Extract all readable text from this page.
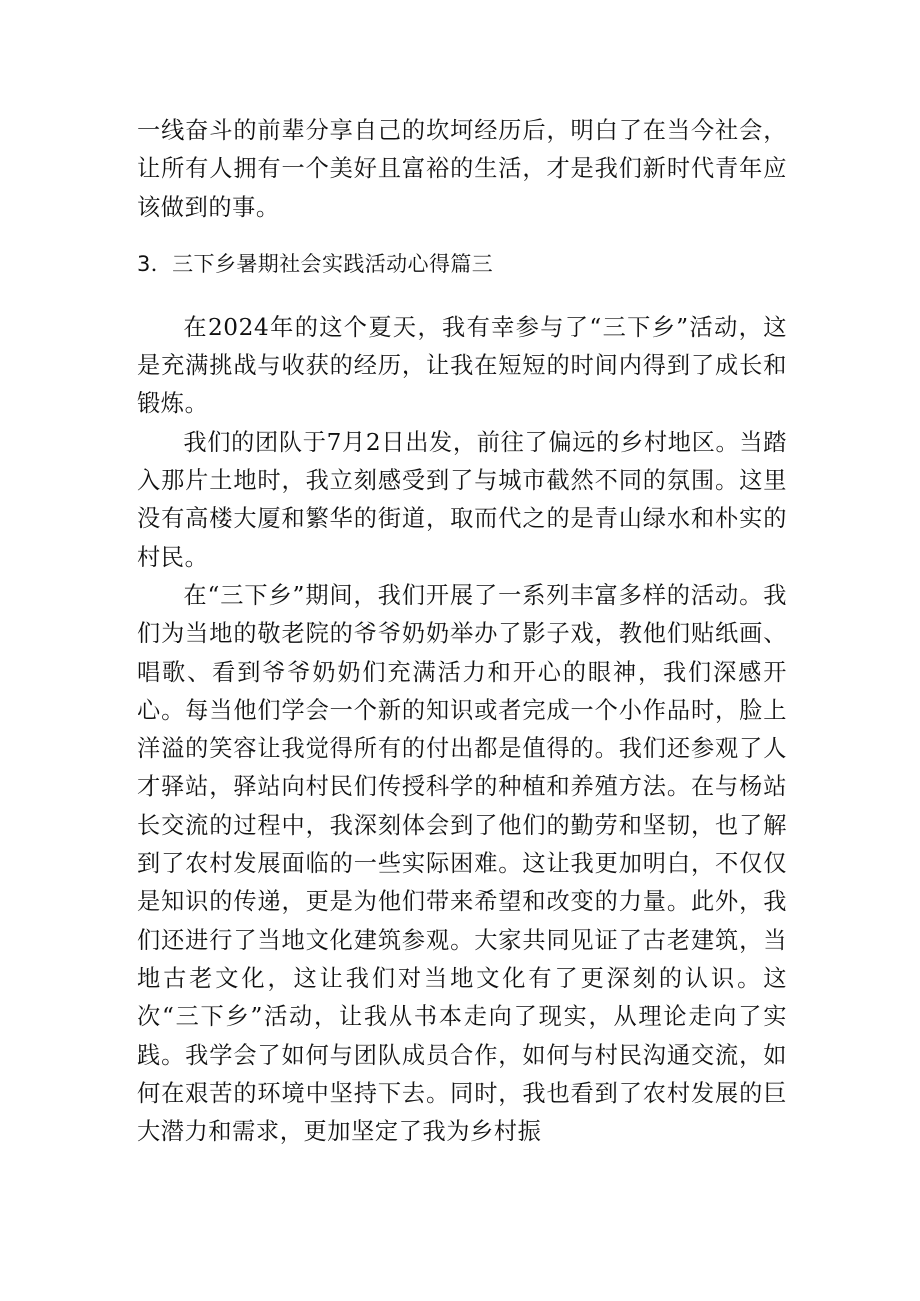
一线奋斗的前辈分享自己的坎坷经历后，明白了在当今社会，让所有人拥有一个美好且富裕的生活，才是我们新时代青年应该做到的事。

3．三下乡暑期社会实践活动心得篇三

在2024年的这个夏天，我有幸参与了“三下乡”活动，这是充满挑战与收获的经历，让我在短短的时间内得到了成长和锻炼。

我们的团队于7月2日出发，前往了偏远的乡村地区。当踏入那片土地时，我立刻感受到了与城市截然不同的氛围。这里没有高楼大厦和繁华的街道，取而代之的是青山绿水和朴实的村民。

在“三下乡”期间，我们开展了一系列丰富多样的活动。我们为当地的敬老院的爷爷奶奶举办了影子戏，教他们贴纸画、唱歌、看到爷爷奶奶们充满活力和开心的眼神，我们深感开心。每当他们学会一个新的知识或者完成一个小作品时，脸上洋溢的笑容让我觉得所有的付出都是值得的。我们还参观了人才驿站，驿站向村民们传授科学的种植和养殖方法。在与杨站长交流的过程中，我深刻体会到了他们的勤劳和坚韧，也了解到了农村发展面临的一些实际困难。这让我更加明白，不仅仅是知识的传递，更是为他们带来希望和改变的力量。此外，我们还进行了当地文化建筑参观。大家共同见证了古老建筑，当地古老文化，这让我们对当地文化有了更深刻的认识。这次“三下乡”活动，让我从书本走向了现实，从理论走向了实践。我学会了如何与团队成员合作，如何与村民沟通交流，如何在艰苦的环境中坚持下去。同时，我也看到了农村发展的巨大潜力和需求，更加坚定了我为乡村振
